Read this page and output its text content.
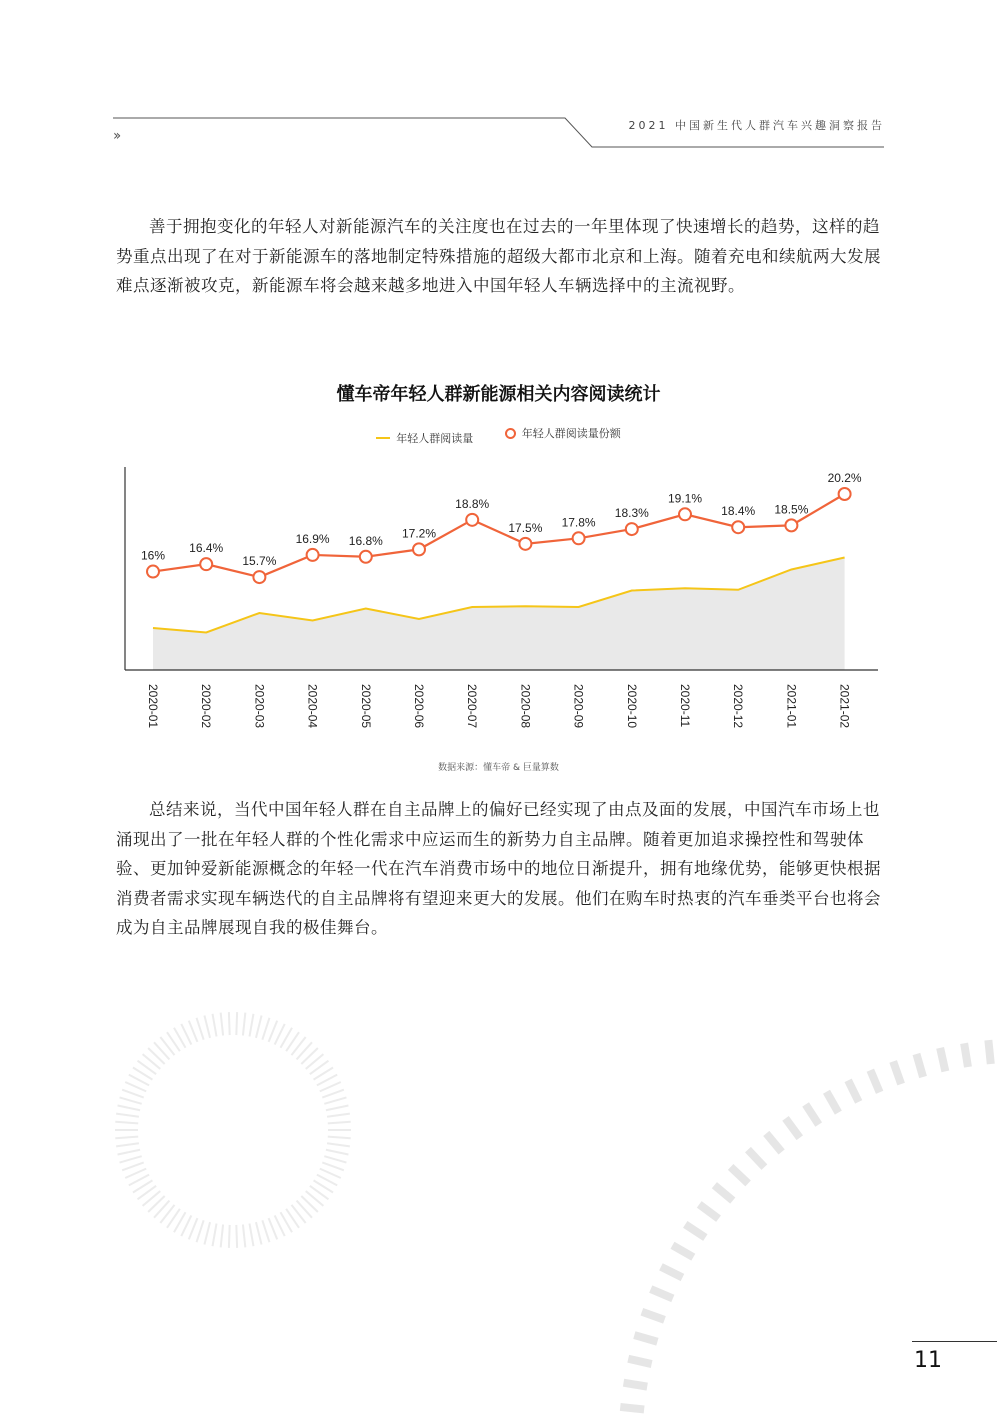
2021 中国新生代人群汽车兴趣洞察报告
››

善于拥抱变化的年轻人对新能源汽车的关注度也在过去的一年里体现了快速增长的趋势，这样的趋势重点出现了在对于新能源车的落地制定特殊措施的超级大都市北京和上海。随着充电和续航两大发展难点逐渐被攻克，新能源车将会越来越多地进入中国年轻人车辆选择中的主流视野。

懂车帝年轻人群新能源相关内容阅读统计
年轻人群阅读量
	年轻人群阅读量份额
16%
16.4%
15.7%
16.9% 16.8%
17.2%
18.8%
17.5% 17.8%
18.3%
19.1%
18.4% 18.5%
20.2%
2020-01	2020-02	2020-03	2020-04	2020-05	2020-06	2020-07	2020-08	2020-09	2020-10	2020-11	2020-12	2021-01	2021-02
数据来源：懂车帝 & 巨量算数

总结来说，当代中国年轻人群在自主品牌上的偏好已经实现了由点及面的发展，中国汽车市场上也涌现出了一批在年轻人群的个性化需求中应运而生的新势力自主品牌。随着更加追求操控性和驾驶体验、更加钟爱新能源概念的年轻一代在汽车消费市场中的地位日渐提升，拥有地缘优势，能够更快根据消费者需求实现车辆迭代的自主品牌将有望迎来更大的发展。他们在购车时热衷的汽车垂类平台也将会成为自主品牌展现自我的极佳舞台。

11
